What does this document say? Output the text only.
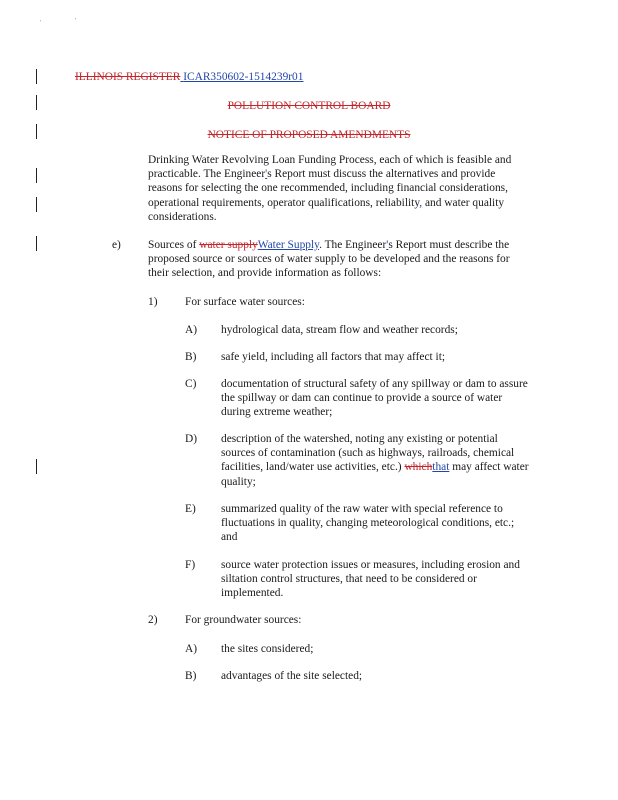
'	'
ILLINOIS REGISTER ICAR350602-1514239r01
POLLUTION CONTROL BOARD
NOTICE OF PROPOSED AMENDMENTS
Drinking Water Revolving Loan Funding Process, each of which is feasible and
practicable. The Engineer's Report must discuss the alternatives and provide
reasons for selecting the one recommended, including financial considerations,
operational requirements, operator qualifications, reliability, and water quality
considerations.
e) Sources of water supplyWater Supply. The Engineer's Report must describe the
proposed source or sources of water supply to be developed and the reasons for
their selection, and provide information as follows:
1) For surface water sources:
A) hydrological data, stream flow and weather records;
B) safe yield, including all factors that may affect it;
C) documentation of structural safety of any spillway or dam to assure
the spillway or dam can continue to provide a source of water
during extreme weather;
D) description of the watershed, noting any existing or potential
sources of contamination (such as highways, railroads, chemical
facilities, land/water use activities, etc.) whichthat may affect water
quality;
E) summarized quality of the raw water with special reference to
fluctuations in quality, changing meteorological conditions, etc.;
and
F) source water protection issues or measures, including erosion and
siltation control structures, that need to be considered or
implemented.
2) For groundwater sources:
A) the sites considered;
B) advantages of the site selected;
